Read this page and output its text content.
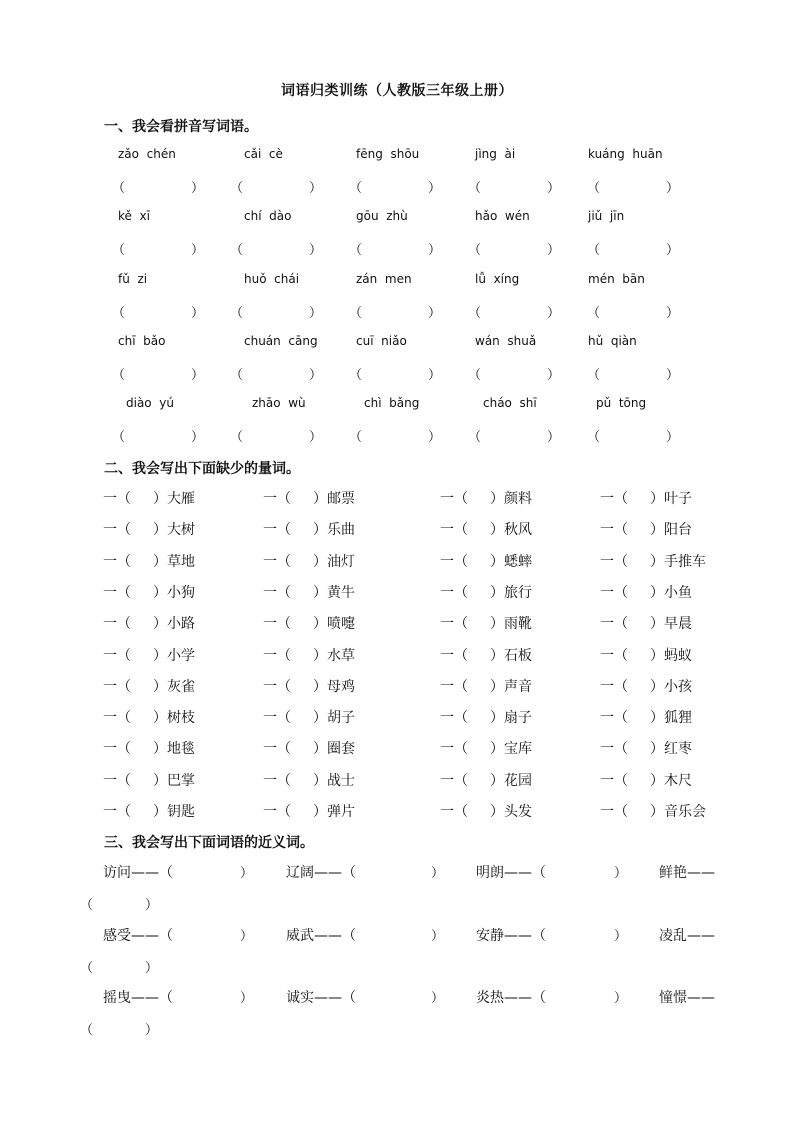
词语归类训练（人教版三年级上册）
一、我会看拼音写词语。
zǎo  chén	cǎi  cè	fēng  shōu	jìng  ài	kuáng  huān
（	） （	） （	） （	） （	）
kě  xī	chí  dào	gōu  zhù	hǎo  wén	jiǔ  jīn
（	） （	） （	） （	） （	）
fǔ  zi	huǒ  chái	zán  men	lǚ  xíng	mén  bān
（	） （	） （	） （	） （	）
chī  bǎo	chuán  cāng	cuī  niǎo	wán  shuǎ	hǔ  qiàn
（	） （	） （	） （	） （	）
diào  yú	zhāo  wù	chì  bǎng	cháo  shī	pǔ  tōng
（	） （	） （	） （	） （	）
二、我会写出下面缺少的量词。
一（ ）大雁	一（ ）邮票	一（ ）颜料	一（ ）叶子
一（ ）大树	一（ ）乐曲	一（ ）秋风	一（ ）阳台
一（ ）草地	一（ ）油灯	一（ ）蟋蟀	一（ ）手推车
一（ ）小狗	一（ ）黄牛	一（ ）旅行	一（ ）小鱼
一（ ）小路	一（ ）喷嚏	一（ ）雨靴	一（ ）早晨
一（ ）小学	一（ ）水草	一（ ）石板	一（ ）蚂蚁
一（ ）灰雀	一（ ）母鸡	一（ ）声音	一（ ）小孩
一（ ）树枝	一（ ）胡子	一（ ）扇子	一（ ）狐狸
一（ ）地毯	一（ ）圈套	一（ ）宝库	一（ ）红枣
一（ ）巴掌	一（ ）战士	一（ ）花园	一（ ）木尺
一（ ）钥匙	一（ ）弹片	一（ ）头发	一（ ）音乐会
三、我会写出下面词语的近义词。
访问——（	） 辽阔——（	） 明朗——（	） 鲜艳——
（	）
感受——（	） 威武——（	） 安静——（	） 凌乱——
（	）
摇曳——（	） 诚实——（	） 炎热——（	） 憧憬——
（	）
